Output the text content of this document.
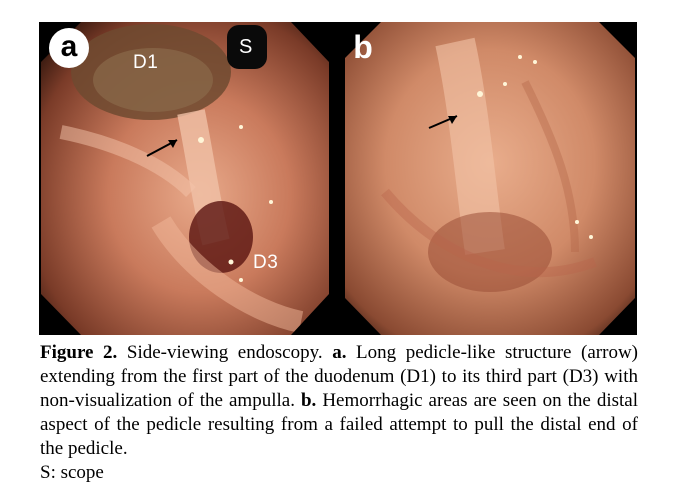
a	D1
S
D3
b

Figure 2. Side-viewing endoscopy. a. Long pedicle-like structure (arrow) extending from the first part of the duodenum (D1) to its third part (D3) with non-visualization of the ampulla. b. Hemorrhagic areas are seen on the distal aspect of the pedicle resulting from a failed attempt to pull the distal end of the pedicle.

S: scope
